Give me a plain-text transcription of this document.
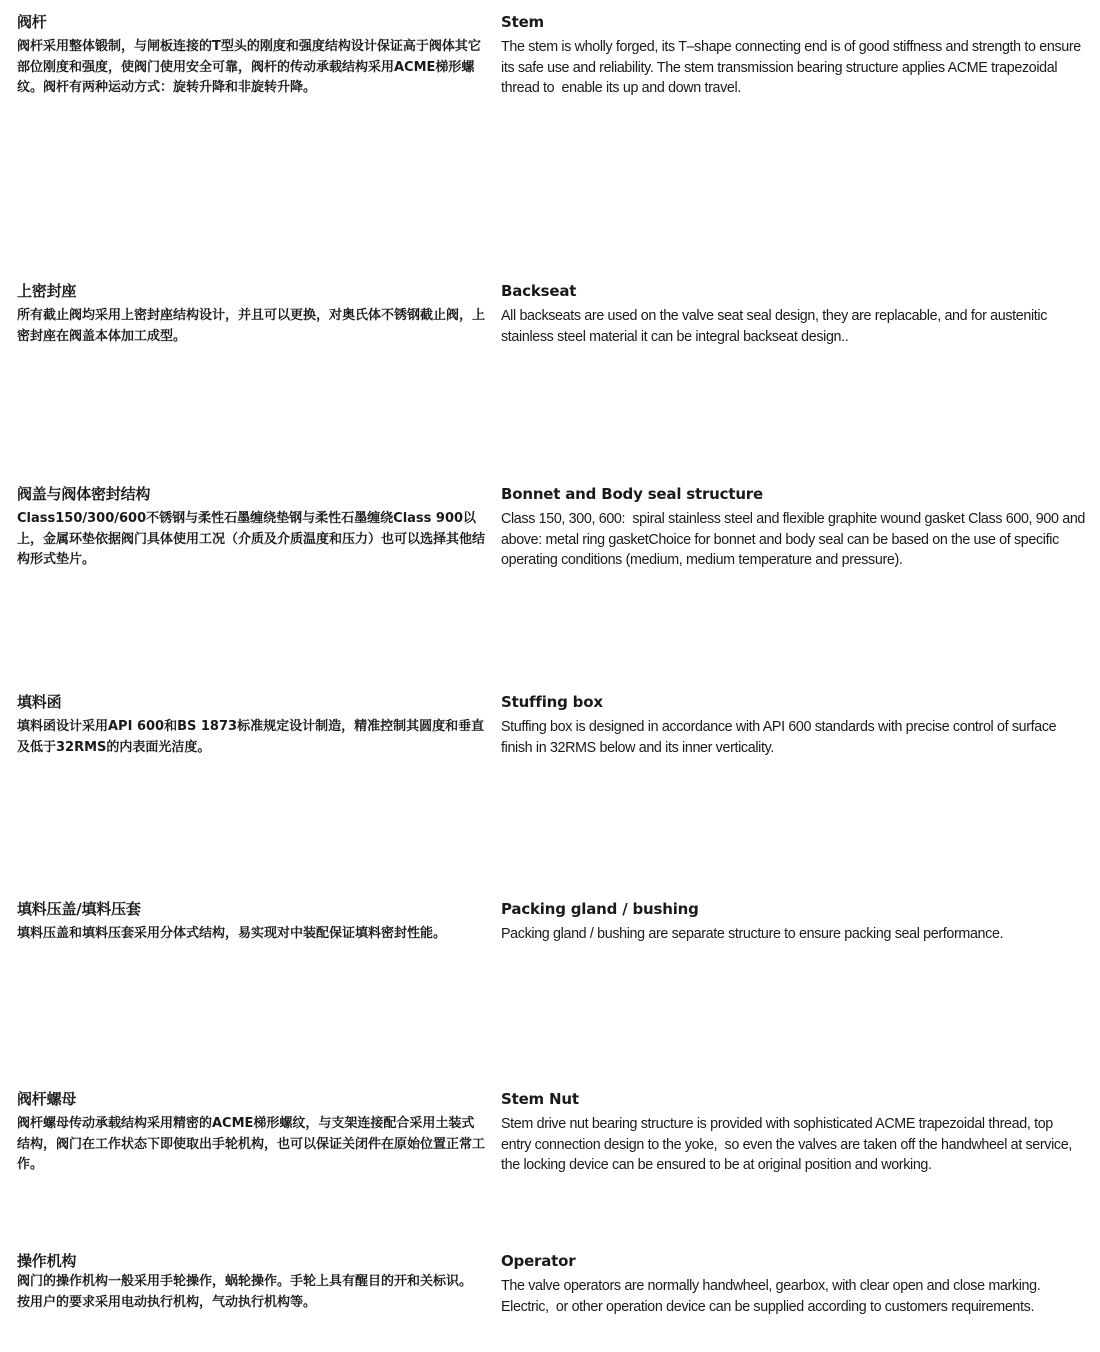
阀杆

阀杆采用整体锻制，与闸板连接的T型头的刚度和强度结构设计保证高于阀体其它部位刚度和强度，使阀门使用安全可靠，阀杆的传动承载结构采用ACME梯形螺纹。阀杆有两种运动方式：旋转升降和非旋转升降。

Stem

The stem is wholly forged, its T–shape connecting end is of good stiffness and strength to ensure its safe use and reliability. The stem transmission bearing structure applies ACME trapezoidal thread to  enable its up and down travel.

上密封座

所有截止阀均采用上密封座结构设计，并且可以更换，对奥氏体不锈钢截止阀，上密封座在阀盖本体加工成型。

Backseat

All backseats are used on the valve seat seal design, they are replacable, and for austenitic stainless steel material it can be integral backseat design..

阀盖与阀体密封结构

Class150/300/600不锈钢与柔性石墨缠绕垫钢与柔性石墨缠绕Class 900以上，金属环垫依据阀门具体使用工况（介质及介质温度和压力）也可以选择其他结构形式垫片。

Bonnet and Body seal structure

Class 150, 300, 600:  spiral stainless steel and flexible graphite wound gasket Class 600, 900 and above: metal ring gasketChoice for bonnet and body seal can be based on the use of specific operating conditions (medium, medium temperature and pressure).

填料函

填料函设计采用API 600和BS 1873标准规定设计制造，精准控制其圆度和垂直及低于32RMS的内表面光洁度。

Stuffing box

Stuffing box is designed in accordance with API 600 standards with precise control of surface finish in 32RMS below and its inner verticality.

填料压盖/填料压套

填料压盖和填料压套采用分体式结构，易实现对中装配保证填料密封性能。

Packing gland / bushing

Packing gland / bushing are separate structure to ensure packing seal performance.

阀杆螺母

阀杆螺母传动承载结构采用精密的ACME梯形螺纹，与支架连接配合采用土装式结构，阀门在工作状态下即使取出手轮机构，也可以保证关闭件在原始位置正常工作。

Stem Nut

Stem drive nut bearing structure is provided with sophisticated ACME trapezoidal thread, top entry connection design to the yoke,  so even the valves are taken off the handwheel at service, the locking device can be ensured to be at original position and working.

操作机构

阀门的操作机构一般采用手轮操作，蜗轮操作。手轮上具有醒目的开和关标识。
按用户的要求采用电动执行机构，气动执行机构等。

Operator

The valve operators are normally handwheel, gearbox, with clear open and close marking. Electric,  or other operation device can be supplied according to customers requirements.
